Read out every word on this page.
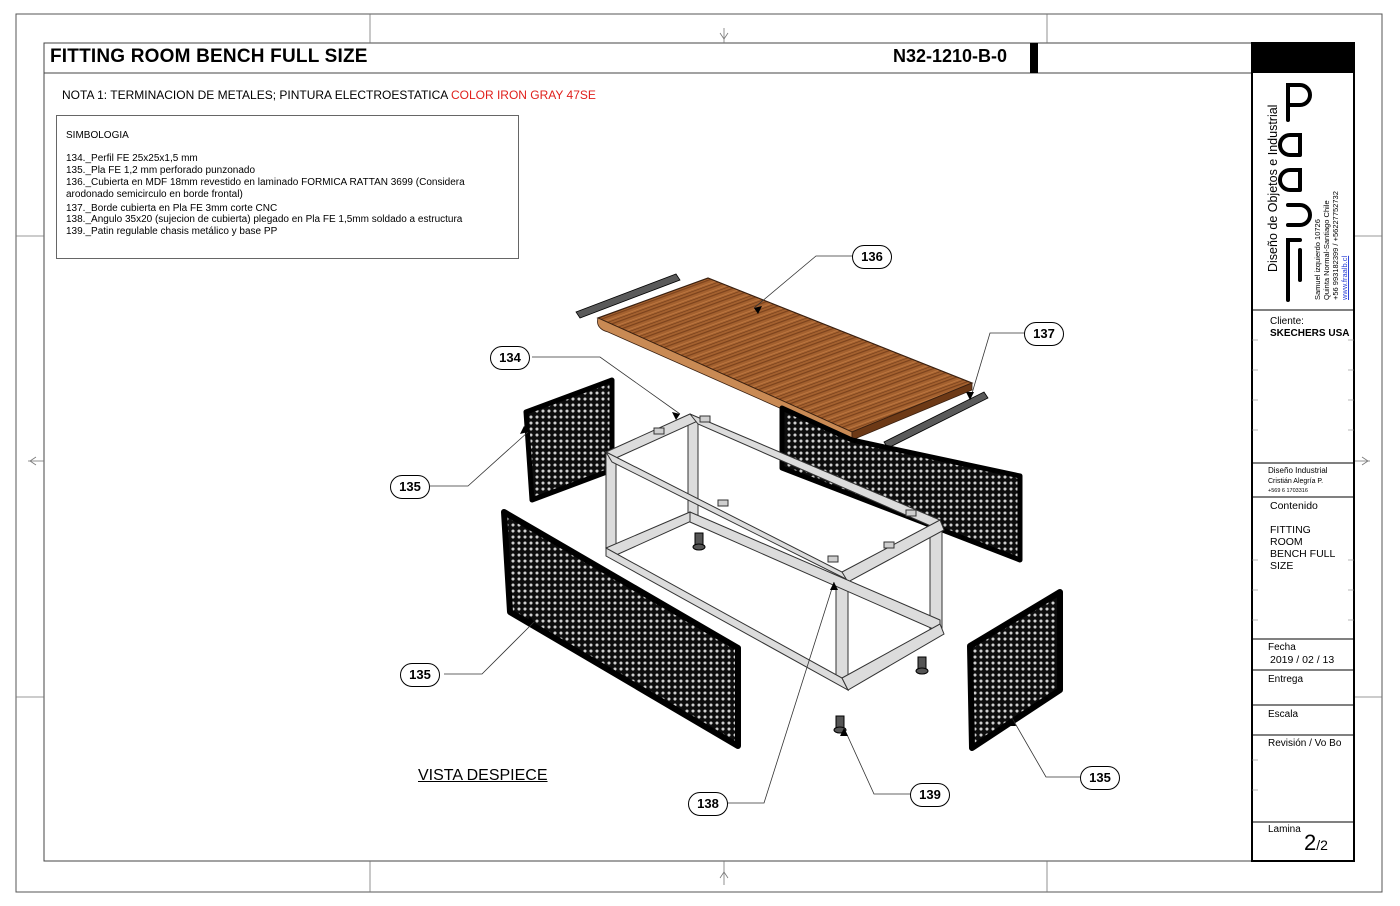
FITTING ROOM BENCH FULL SIZE	N32-1210-B-0
NOTA 1: TERMINACION DE METALES; PINTURA ELECTROESTATICA COLOR IRON GRAY 47SE
SIMBOLOGIA
134._Perfil FE 25x25x1,5 mm
135._Pla FE 1,2 mm perforado punzonado
136._Cubierta en MDF 18mm revestido en laminado FORMICA RATTAN 3699 (Considera arodonado semicirculo en borde frontal)
137._Borde cubierta en Pla FE 3mm corte CNC
138._Angulo 35x20 (sujecion de cubierta) plegado en Pla FE 1,5mm soldado a estructura
139._Patin regulable chasis metálico y base PP
136
137
134
135
135
135
138
139
VISTA DESPIECE
Diseño de Objetos e Industrial	Samuel izquierdo 10726 Quinta Normal-Santiago Chile +56 993182399 / +56227752732 www.fraalb.cl
Cliente:
SKECHERS USA
Diseño Industrial
Cristián Alegría P.
+569 6 1703316
Contenido
FITTING ROOM BENCH FULL SIZE
Fecha
2019 / 02 / 13
Entrega
Escala
Revisión / Vo Bo
Lamina
2/2
